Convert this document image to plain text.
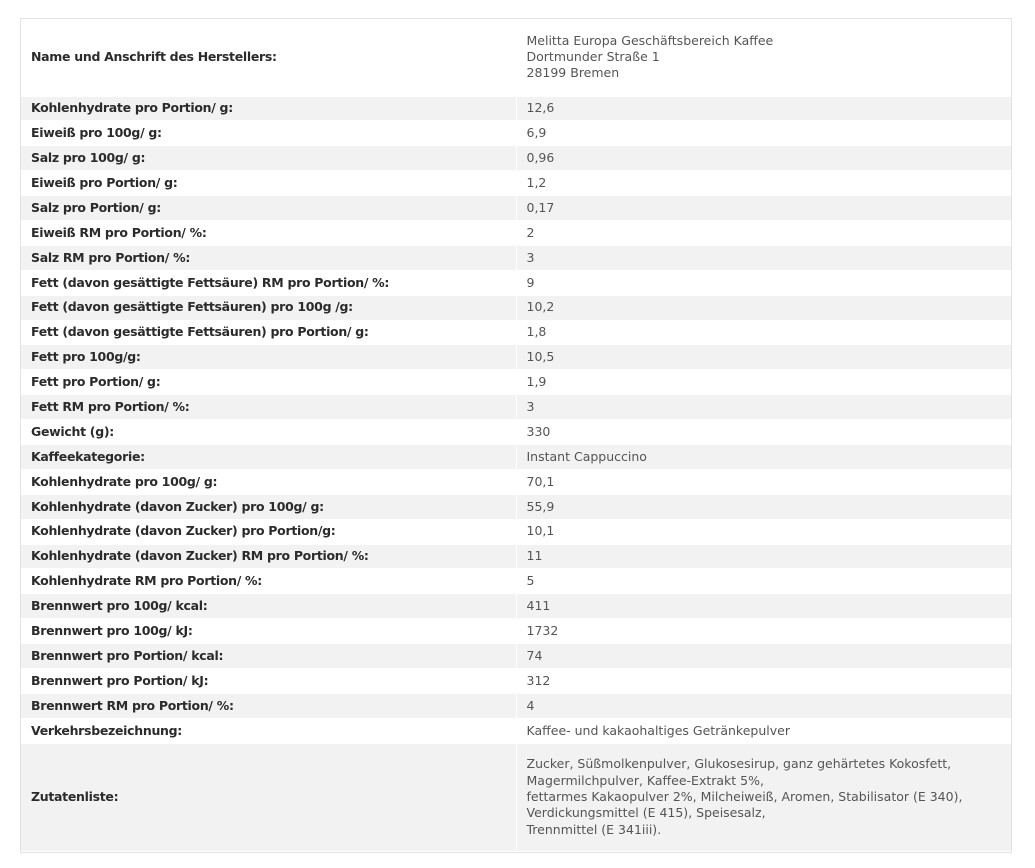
Name und Anschrift des Herstellers:	Melitta Europa Geschäftsbereich Kaffee
Dortmunder Straße 1
28199 Bremen

Kohlenhydrate pro Portion/ g:	12,6
Eiweiß pro 100g/ g:	6,9
Salz pro 100g/ g:	0,96
Eiweiß pro Portion/ g:	1,2
Salz pro Portion/ g:	0,17
Eiweiß RM pro Portion/ %:	2
Salz RM pro Portion/ %:	3
Fett (davon gesättigte Fettsäure) RM pro Portion/ %:	9
Fett (davon gesättigte Fettsäuren) pro 100g /g:	10,2
Fett (davon gesättigte Fettsäuren) pro Portion/ g:	1,8
Fett pro 100g/g:	10,5
Fett pro Portion/ g:	1,9
Fett RM pro Portion/ %:	3
Gewicht (g):	330
Kaffeekategorie:	Instant Cappuccino
Kohlenhydrate pro 100g/ g:	70,1
Kohlenhydrate (davon Zucker) pro 100g/ g:	55,9
Kohlenhydrate (davon Zucker) pro Portion/g:	10,1
Kohlenhydrate (davon Zucker) RM pro Portion/ %:	11
Kohlenhydrate RM pro Portion/ %:	5
Brennwert pro 100g/ kcal:	411
Brennwert pro 100g/ kJ:	1732
Brennwert pro Portion/ kcal:	74
Brennwert pro Portion/ kJ:	312
Brennwert RM pro Portion/ %:	4
Verkehrsbezeichnung:	Kaffee- und kakaohaltiges Getränkepulver
Zutatenliste:	Zucker, Süßmolkenpulver, Glukosesirup, ganz gehärtetes Kokosfett,
Magermilchpulver, Kaffee-Extrakt 5%,
fettarmes Kakaopulver 2%, Milcheiweiß, Aromen, Stabilisator (E 340),
Verdickungsmittel (E 415), Speisesalz,
Trennmittel (E 341iii).
